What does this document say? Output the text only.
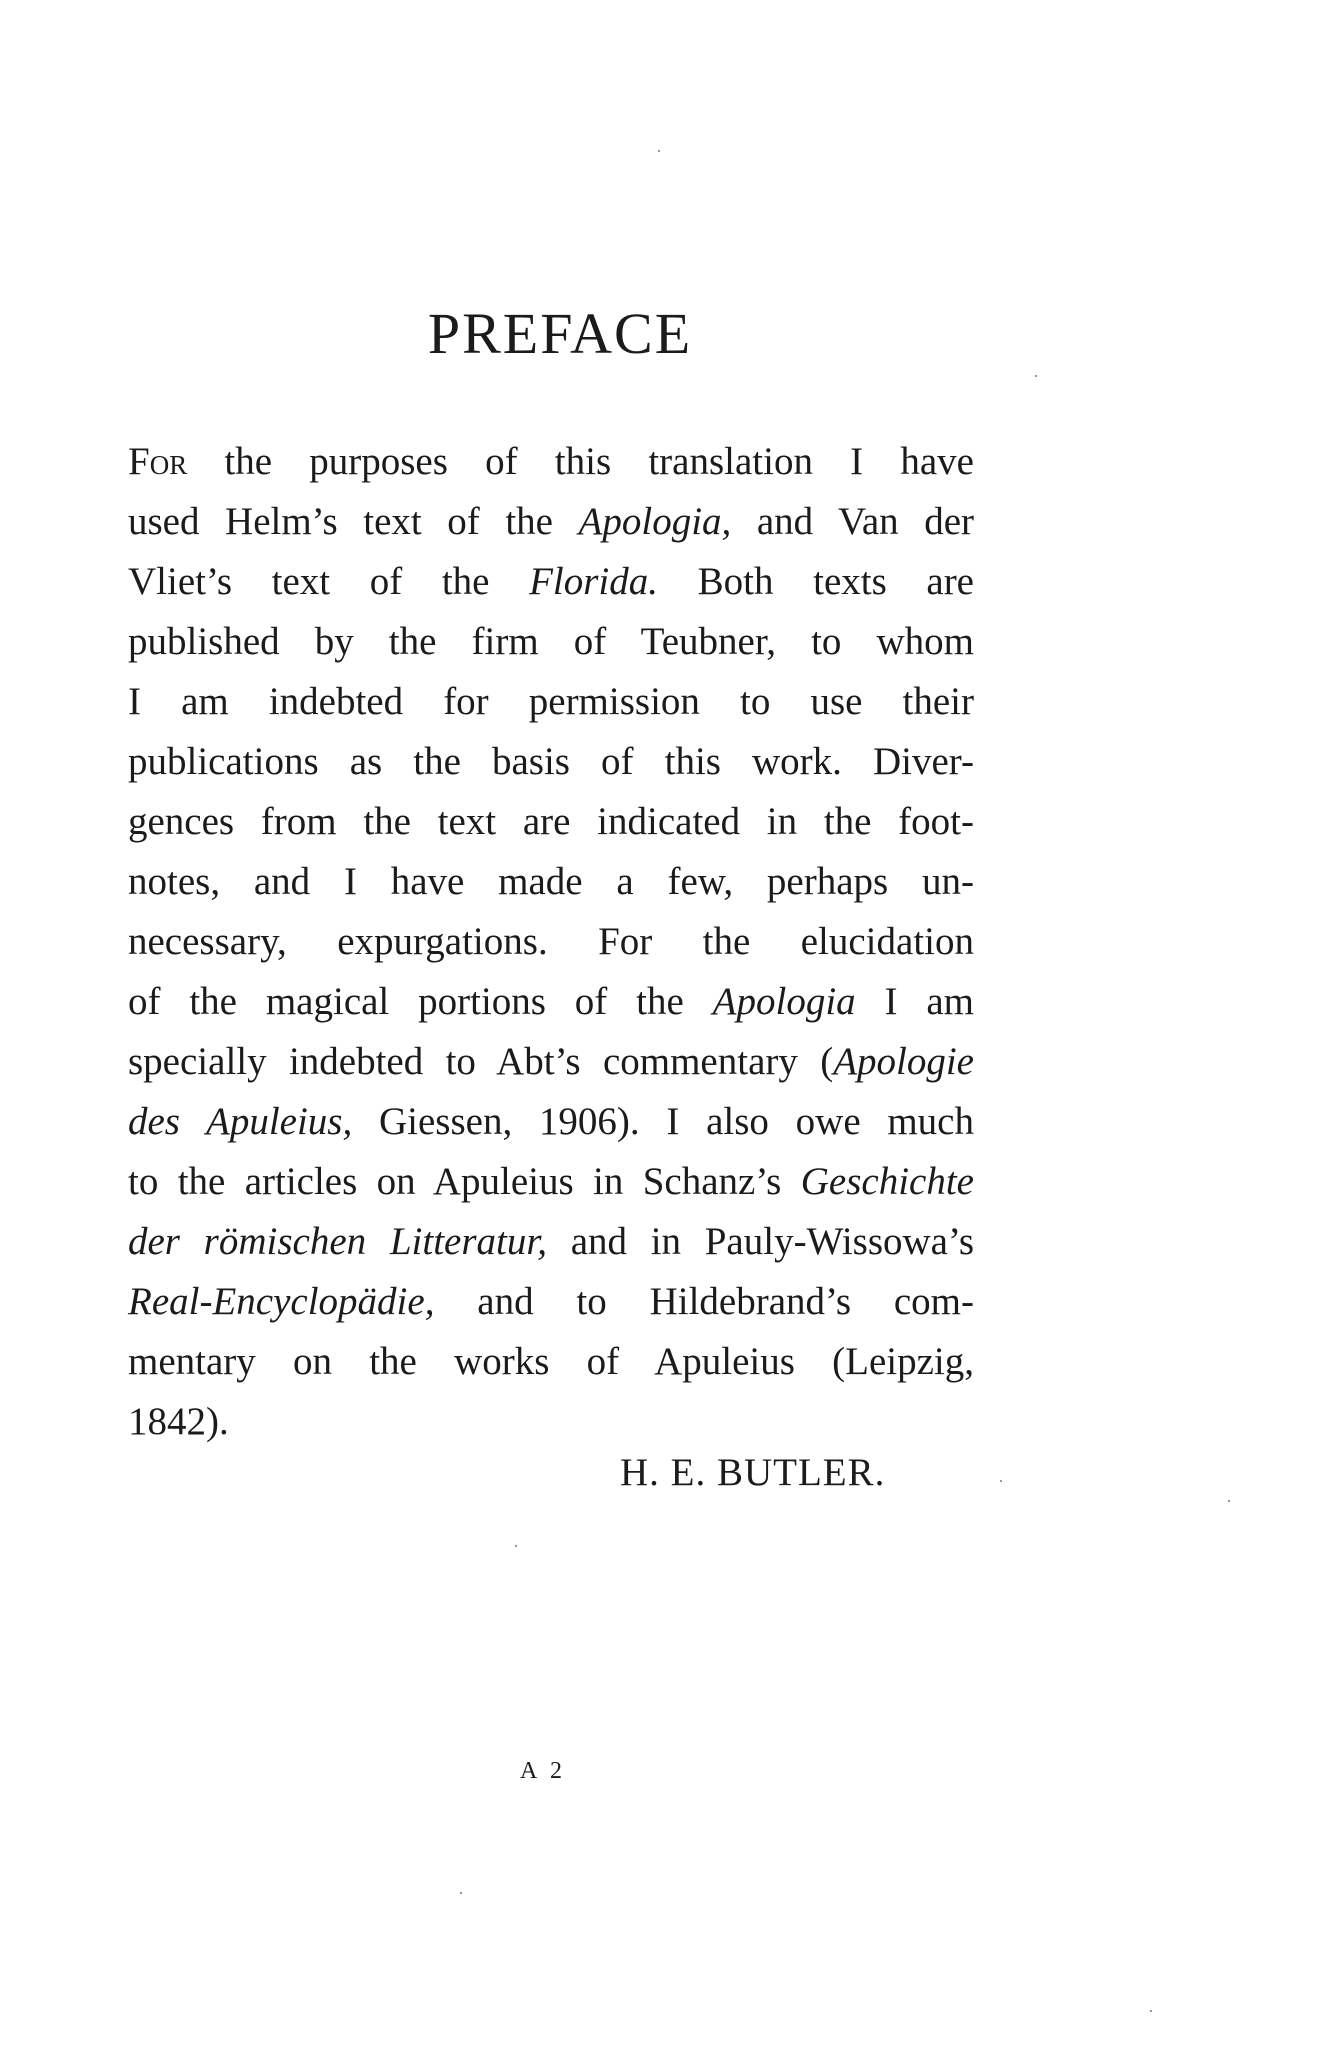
PREFACE
For the purposes of this translation I have
used Helm’s text of the Apologia, and Van der
Vliet’s text of the Florida. Both texts are
published by the firm of Teubner, to whom
I am indebted for permission to use their
publications as the basis of this work. Diver-
gences from the text are indicated in the foot-
notes, and I have made a few, perhaps un-
necessary, expurgations. For the elucidation
of the magical portions of the Apologia I am
specially indebted to Abt’s commentary (Apologie
des Apuleius, Giessen, 1906). I also owe much
to the articles on Apuleius in Schanz’s Geschichte
der römischen Litteratur, and in Pauly-Wissowa’s
Real-Encyclopädie, and to Hildebrand’s com-
mentary on the works of Apuleius (Leipzig,
1842).
H. E. BUTLER.
A 2
